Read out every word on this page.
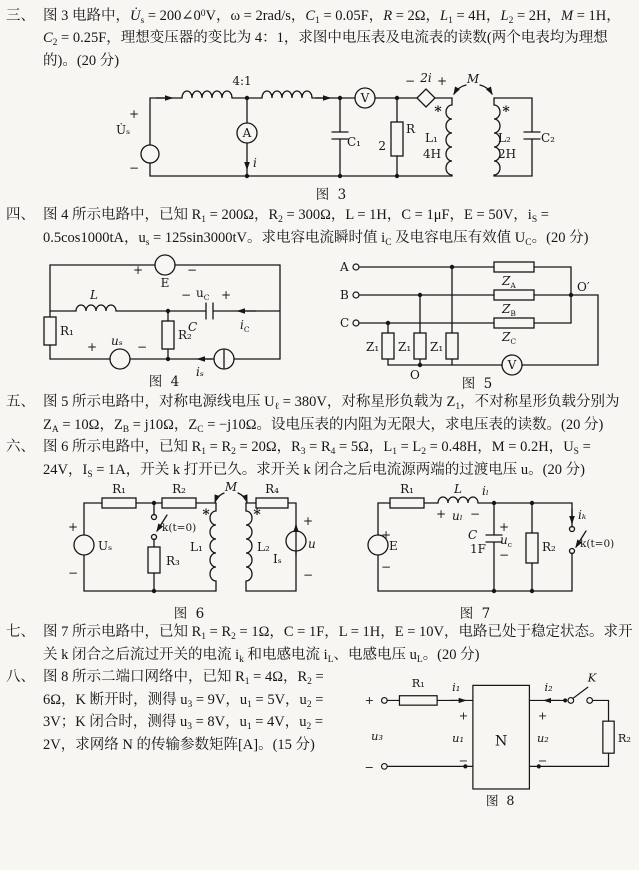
三、 图 3 电路中，$U̇_s$ = $200\angle 0^0V$，ω = 2rad/s，$C_1 = 0.05F$，R = 2Ω，$L_1 = 4H$，$L_2 = 2H$，M = 1H，$C_2 = 0.25F$，理想变压器的变比为 4：1，求图中电压表及电流表的读数(两个电表均为理想的)。(20 分)
4:1
+
U̇ₛ
−
A
i
C₁
V
2
R
− 2i + M
*	*
L₁
4H
L₂
2H
C₂
图 3
四、 图 4 所示电路中，已知 $R_1 = 200\Omega$，$R_2 = 300\Omega$，L = 1H，C = 1μF，E = 50V，$i_S = 0.5\cos 1000tA$，$u_s = 125\sin 3000tV$。求电容电流瞬时值 $i_C$ 及电容电压有效值 $U_C$。(20 分)
+
E
−
L	− $u_C$ +
C	$i_C$
R₁
+ uₛ −
R₂
iₛ
图 4
A
B
C
$Z_A$
$Z_B$
$Z_C$
O′
Z₁ Z₁ Z₁
O
V
图 5
五、 图 5 所示电路中，对称电源线电压 $U_\ell = 380V$，对称星形负载为 $Z_1$，不对称星形负载分别为 $Z_A = 10\Omega$，$Z_B = j10\Omega$，$Z_C = -j10\Omega$。设电压表的内阻为无限大，求电压表的读数。(20 分)
六、 图 6 所示电路中，已知 $R_1 = R_2 = 20\Omega$，$R_3 = R_4 = 5\Omega$，$L_1 = L_2 = 0.48H$，M = 0.2H，$U_S = 24V$，$I_S = 1A$，开关 k 打开已久。求开关 k 闭合之后电流源两端的过渡电压 u。(20 分)
+
−
Uₛ
R₁	R₂
k(t=0)
R₃
*
L₁
M
*
L₂
R₄
+
u
−
Iₛ
图 6
+
−
E
R₁	L
+ uₗ −
iₗ
C
1F
+
$u_c$
−
R₂
iₖ
k(t=0)
图 7
七、 图 7 所示电路中，已知 $R_1 = R_2 = 1\Omega$，C = 1F，L = 1H，E = 10V，电路已处于稳定状态。求开关 k 闭合之后流过开关的电流 $i_k$ 和电感电流 $i_L$、电感电压 $u_L$。(20 分)
八、 图 8 所示二端口网络中，已知 $R_1 = 4\Omega$，$R_2 = 6\Omega$，K 断开时，测得 $u_3 = 9V$，$u_1 = 5V$，$u_2 = 3V$；K 闭合时，测得 $u_3 = 8V$，$u_1 = 4V$，$u_2 = 2V$，求网络 N 的传输参数矩阵[A]。(15 分)
+
−
u₃
R₁ i₁
+
u₁
−
N
i₂
K
+
u₂
−
R₂
图 8
